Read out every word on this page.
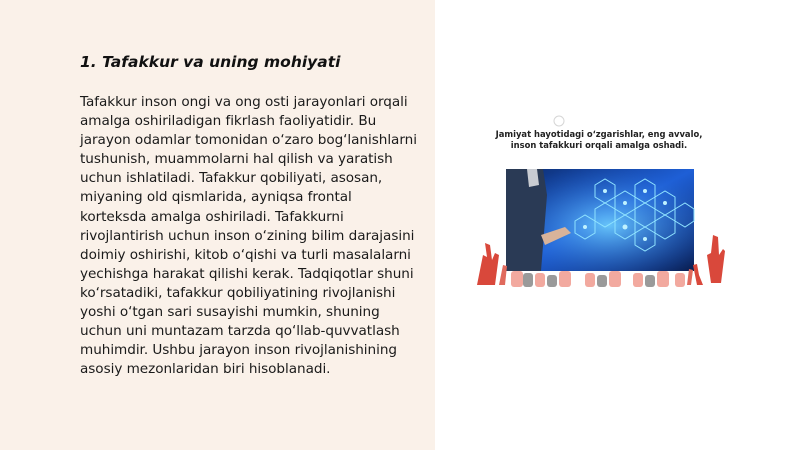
1. Tafakkur va uning mohiyati

Tafakkur inson ongi va ong osti jarayonlari orqali amalga oshiriladigan fikrlash faoliyatidir. Bu jarayon odamlar tomonidan o‘zaro bog‘lanishlarni tushunish, muammolarni hal qilish va yaratish uchun ishlatiladi. Tafakkur qobiliyati, asosan, miyaning old qismlarida, ayniqsa frontal korteksda amalga oshiriladi. Tafakkurni rivojlantirish uchun inson o‘zining bilim darajasini doimiy oshirishi, kitob o‘qishi va turli masalalarni yechishga harakat qilishi kerak. Tadqiqotlar shuni ko‘rsatadiki, tafakkur qobiliyatining rivojlanishi yoshi o‘tgan sari susayishi mumkin, shuning uchun uni muntazam tarzda qo‘llab-quvvatlash muhimdir. Ushbu jarayon inson rivojlanishining asosiy mezonlaridan biri hisoblanadi.

Jamiyat hayotidagi o‘zgarishlar, eng avvalo, inson tafakkuri orqali amalga oshadi.
